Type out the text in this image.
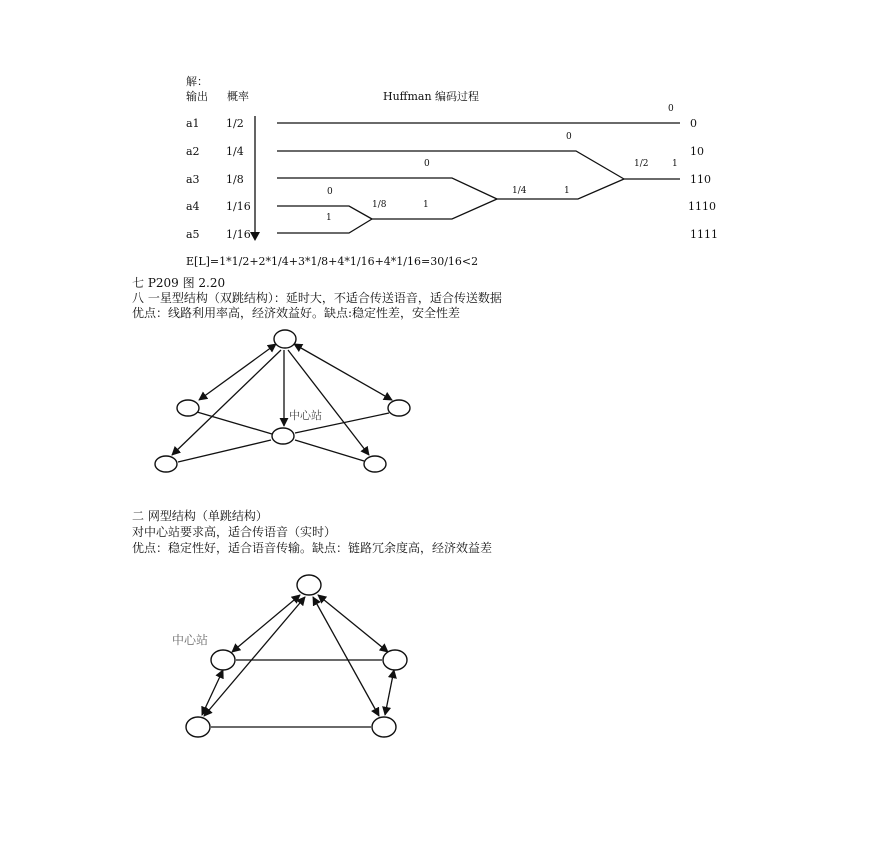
解：
输出 概率	Huffman 编码过程
a1 1/2	0
a2 1/4	10
a3 1/8	110
a4 1/16	1110
a5 1/16	1111
0
0
0
0
1
1/8	1
1/4	1
1/2	1
E[L]=1*1/2+2*1/4+3*1/8+4*1/16+4*1/16=30/16<2
七 P209 图 2.20
八 一星型结构（双跳结构）：延时大，不适合传送语音，适合传送数据
优点：线路利用率高，经济效益好。缺点:稳定性差，安全性差
中心站
二 网型结构（单跳结构）
对中心站要求高，适合传语音（实时）
优点：稳定性好，适合语音传输。缺点：链路冗余度高，经济效益差
中心站
